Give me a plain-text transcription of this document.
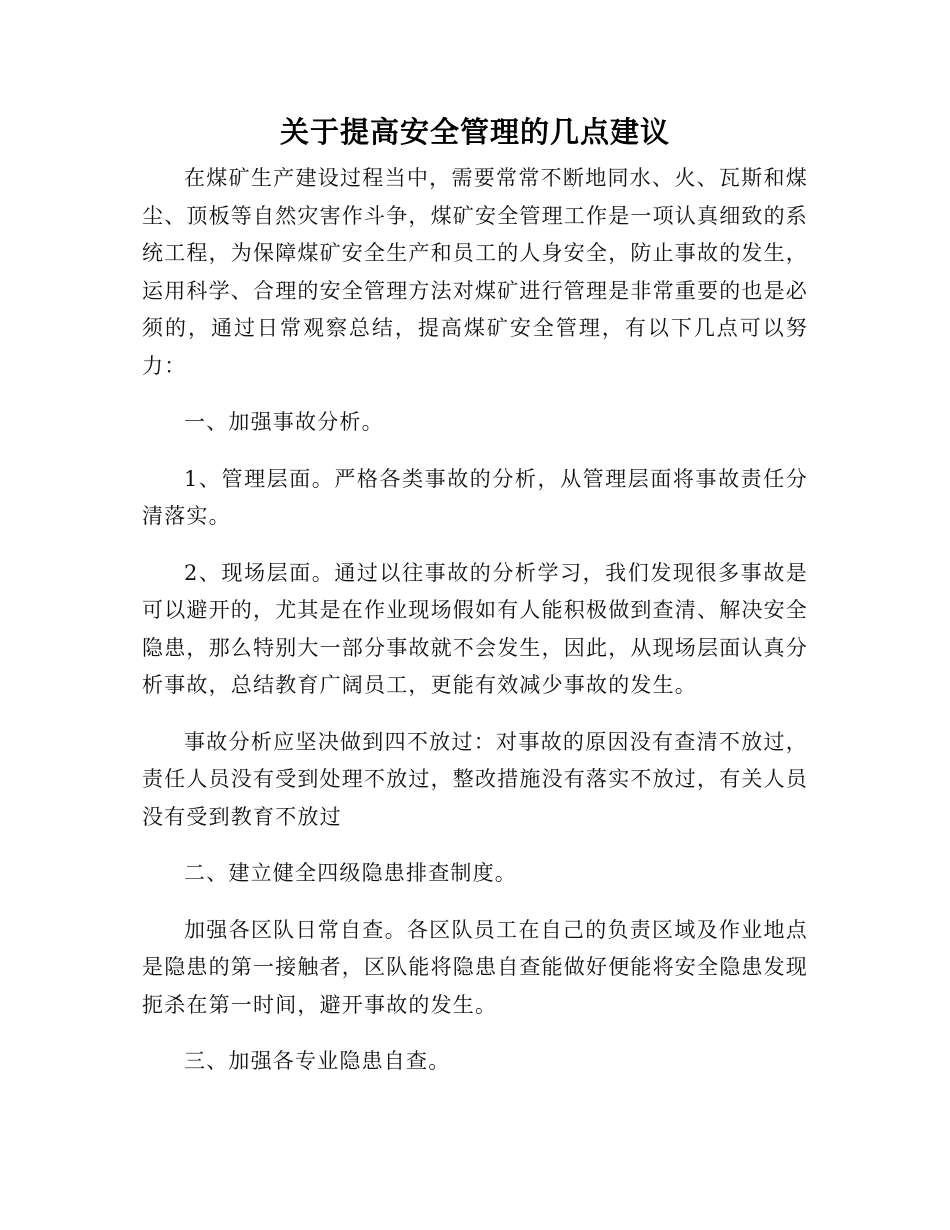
关于提高安全管理的几点建议

在煤矿生产建设过程当中，需要常常不断地同水、火、瓦斯和煤尘、顶板等自然灾害作斗争，煤矿安全管理工作是一项认真细致的系统工程，为保障煤矿安全生产和员工的人身安全，防止事故的发生，运用科学、合理的安全管理方法对煤矿进行管理是非常重要的也是必须的，通过日常观察总结，提高煤矿安全管理，有以下几点可以努力：

一、加强事故分析。

1、管理层面。严格各类事故的分析，从管理层面将事故责任分清落实。

2、现场层面。通过以往事故的分析学习，我们发现很多事故是可以避开的，尤其是在作业现场假如有人能积极做到查清、解决安全隐患，那么特别大一部分事故就不会发生，因此，从现场层面认真分析事故，总结教育广阔员工，更能有效减少事故的发生。

事故分析应坚决做到四不放过：对事故的原因没有查清不放过，责任人员没有受到处理不放过，整改措施没有落实不放过，有关人员没有受到教育不放过

二、建立健全四级隐患排查制度。

加强各区队日常自查。各区队员工在自己的负责区域及作业地点是隐患的第一接触者，区队能将隐患自查能做好便能将安全隐患发现扼杀在第一时间，避开事故的发生。

三、加强各专业隐患自查。
